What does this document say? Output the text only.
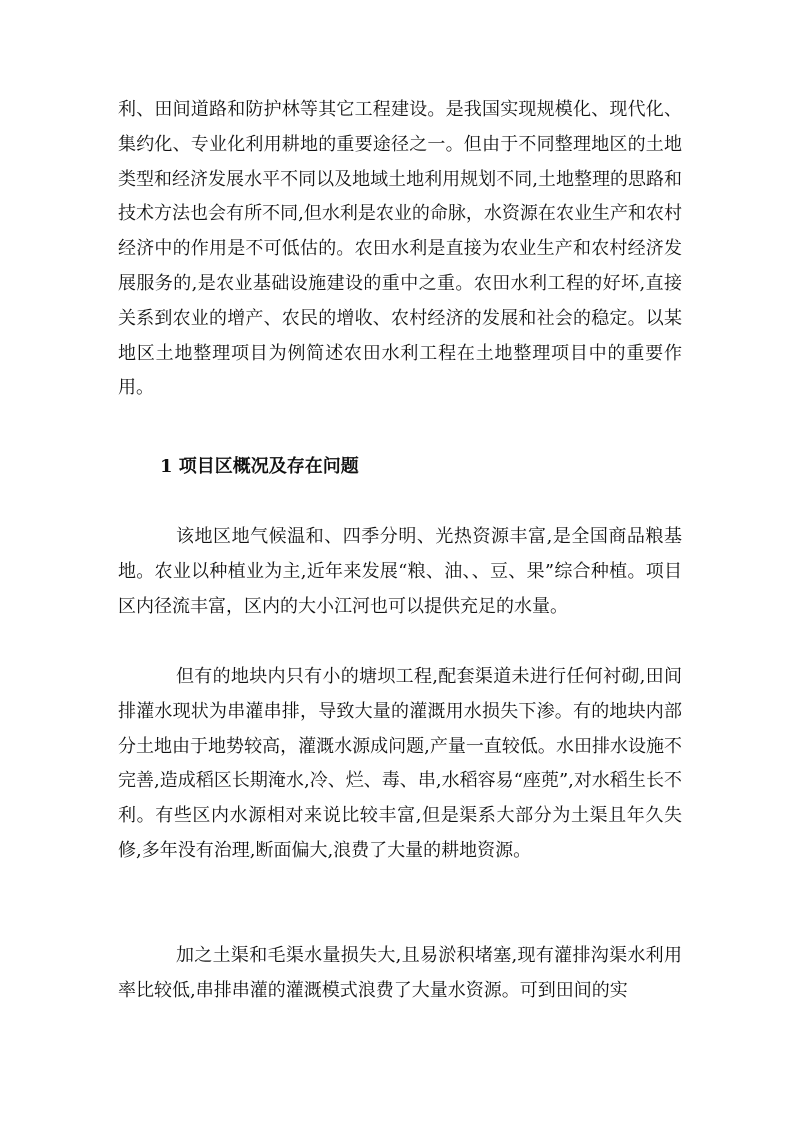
利、田间道路和防护林等其它工程建设。是我国实现规模化、现代化、集约化、专业化利用耕地的重要途径之一。但由于不同整理地区的土地类型和经济发展水平不同以及地域土地利用规划不同,土地整理的思路和技术方法也会有所不同,但水利是农业的命脉，水资源在农业生产和农村经济中的作用是不可低估的。农田水利是直接为农业生产和农村经济发展服务的,是农业基础设施建设的重中之重。农田水利工程的好坏,直接关系到农业的增产、农民的增收、农村经济的发展和社会的稳定。以某地区土地整理项目为例简述农田水利工程在土地整理项目中的重要作用。

1 项目区概况及存在问题

该地区地气候温和、四季分明、光热资源丰富,是全国商品粮基地。农业以种植业为主,近年来发展“粮、油、、豆、果”综合种植。项目区内径流丰富，区内的大小江河也可以提供充足的水量。

但有的地块内只有小的塘坝工程,配套渠道未进行任何衬砌,田间排灌水现状为串灌串排，导致大量的灌溉用水损失下渗。有的地块内部分土地由于地势较高，灌溉水源成问题,产量一直较低。水田排水设施不完善,造成稻区长期淹水,冷、烂、毒、串,水稻容易“座蔸”,对水稻生长不利。有些区内水源相对来说比较丰富,但是渠系大部分为土渠且年久失修,多年没有治理,断面偏大,浪费了大量的耕地资源。

加之土渠和毛渠水量损失大,且易淤积堵塞,现有灌排沟渠水利用率比较低,串排串灌的灌溉模式浪费了大量水资源。可到田间的实
